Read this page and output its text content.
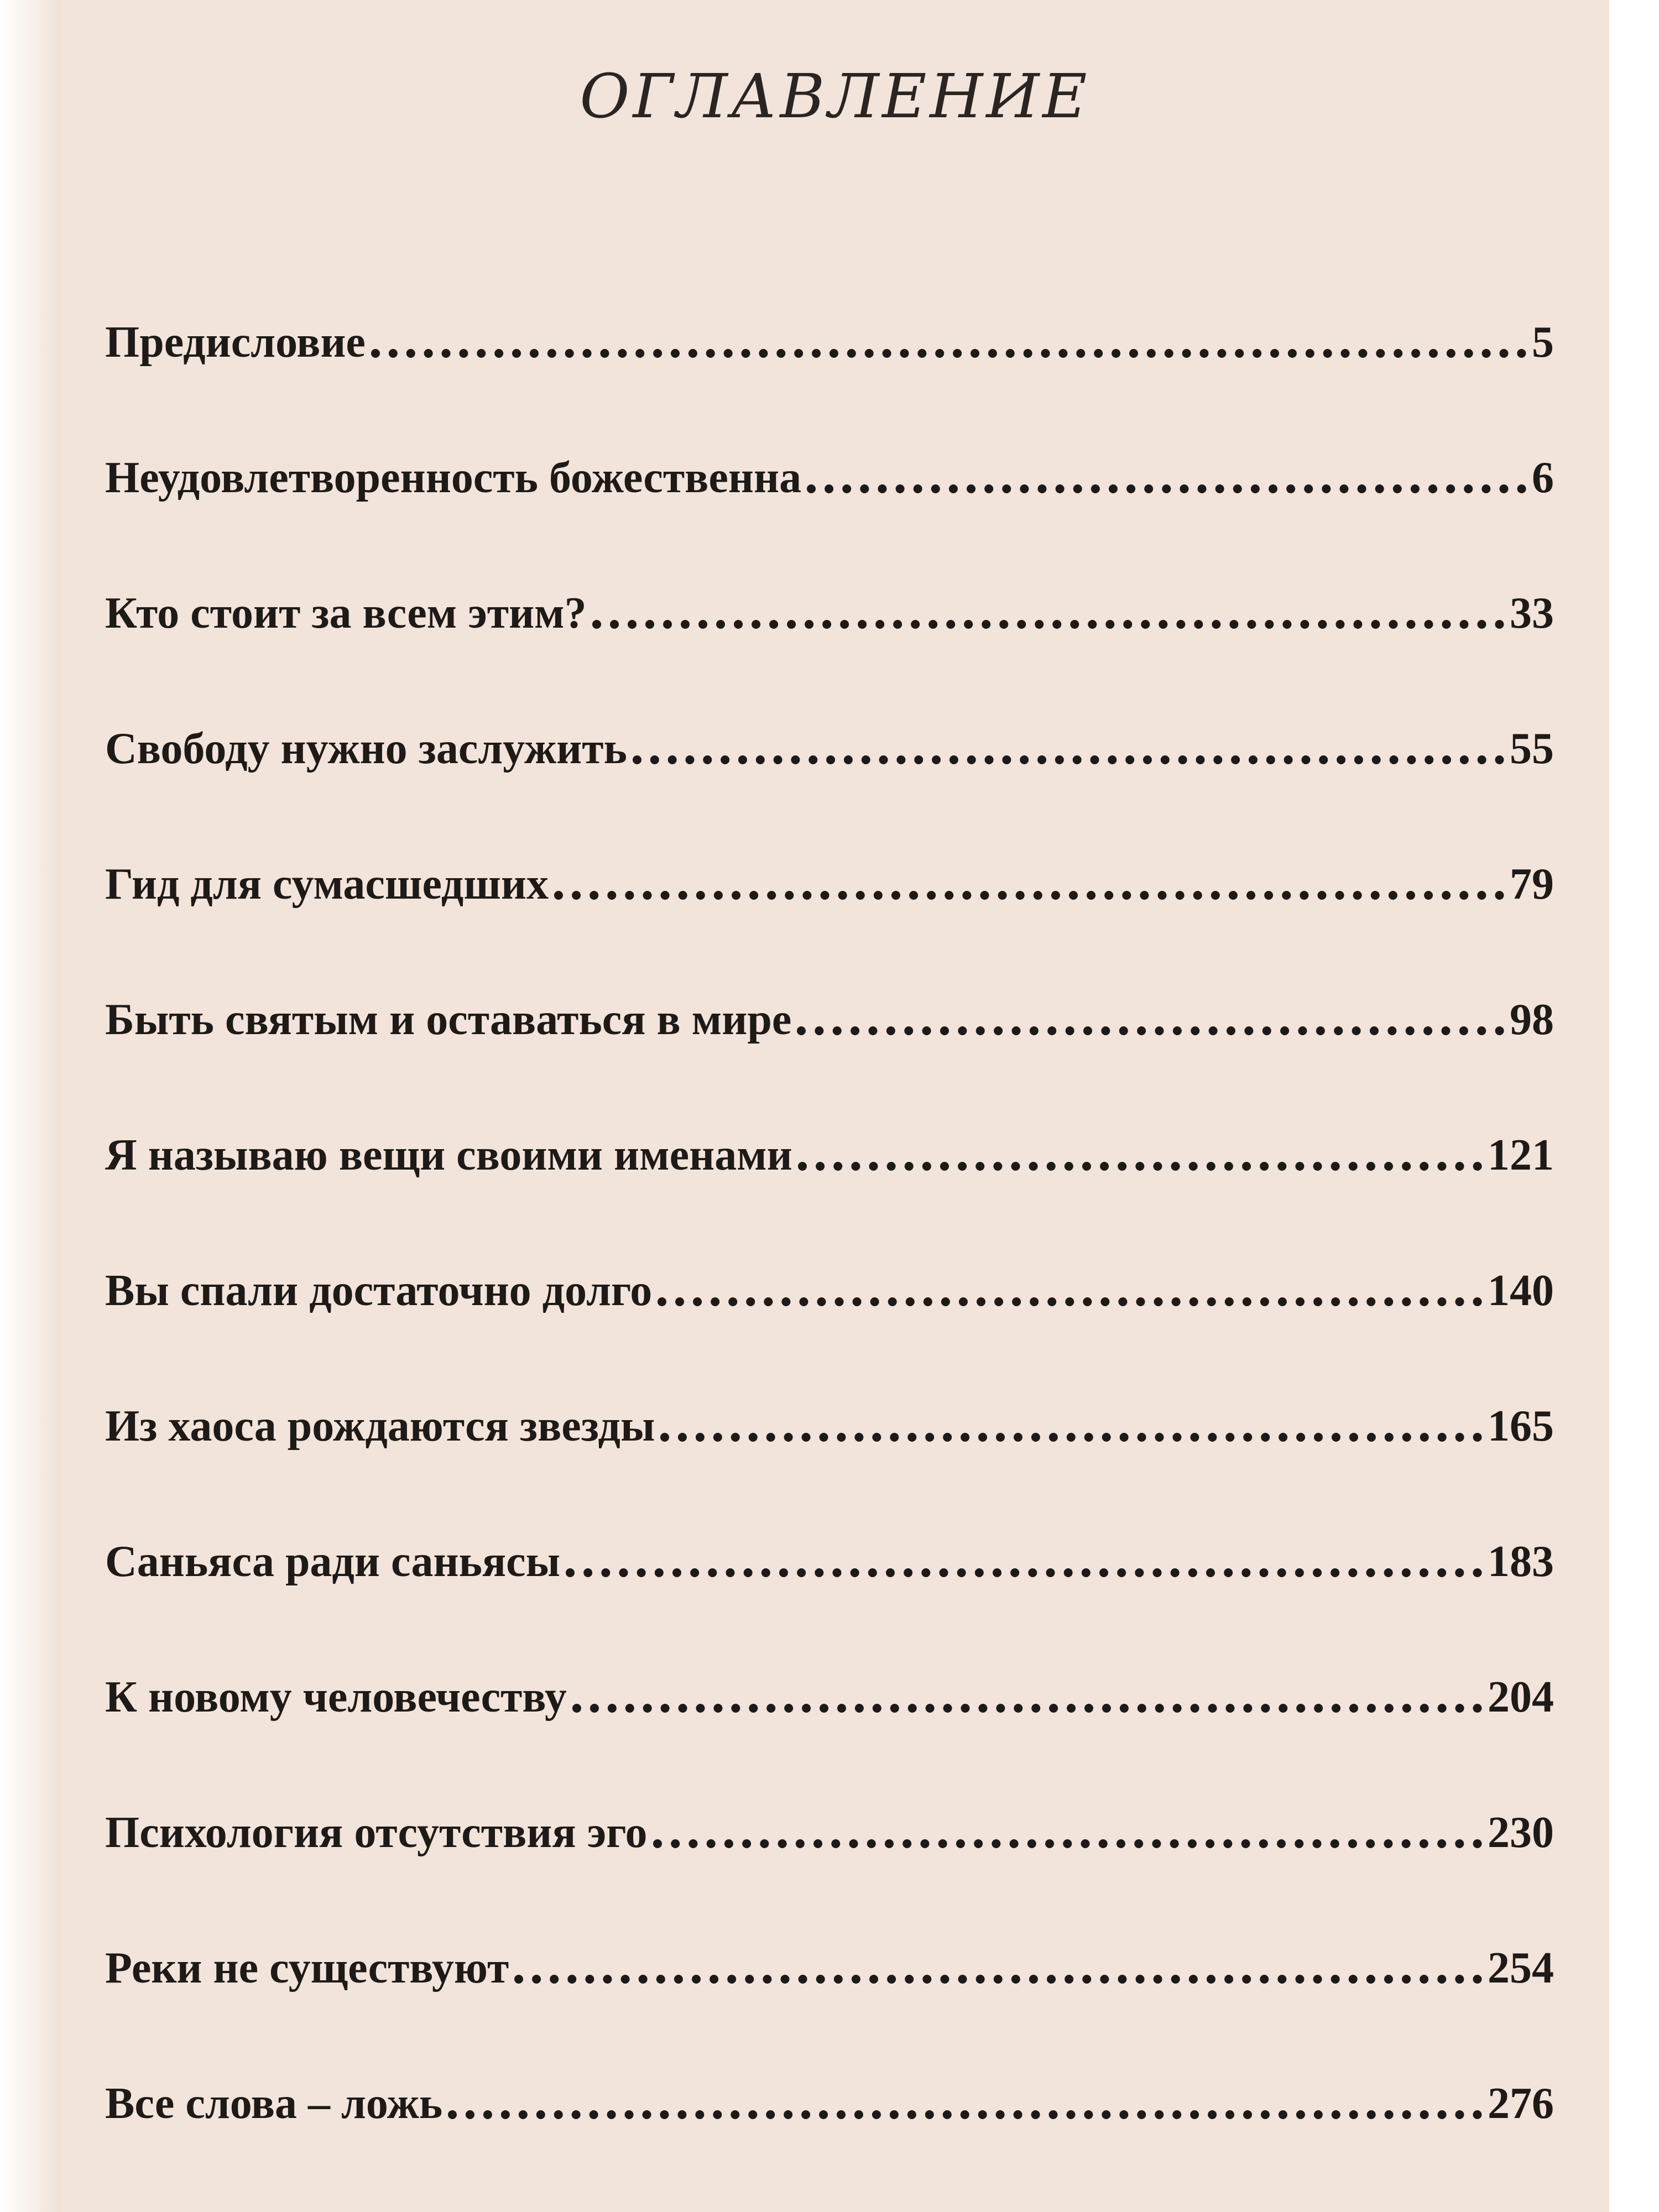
ОГЛАВЛЕНИЕ
Предисловие	5
Неудовлетворенность божественна	6
Кто стоит за всем этим?	33
Свободу нужно заслужить	55
Гид для сумасшедших	79
Быть святым и оставаться в мире	98
Я называю вещи своими именами	121
Вы спали достаточно долго	140
Из хаоса рождаются звезды	165
Саньяса ради саньясы	183
К новому человечеству	204
Психология отсутствия эго	230
Реки не существуют	254
Все слова – ложь	276
